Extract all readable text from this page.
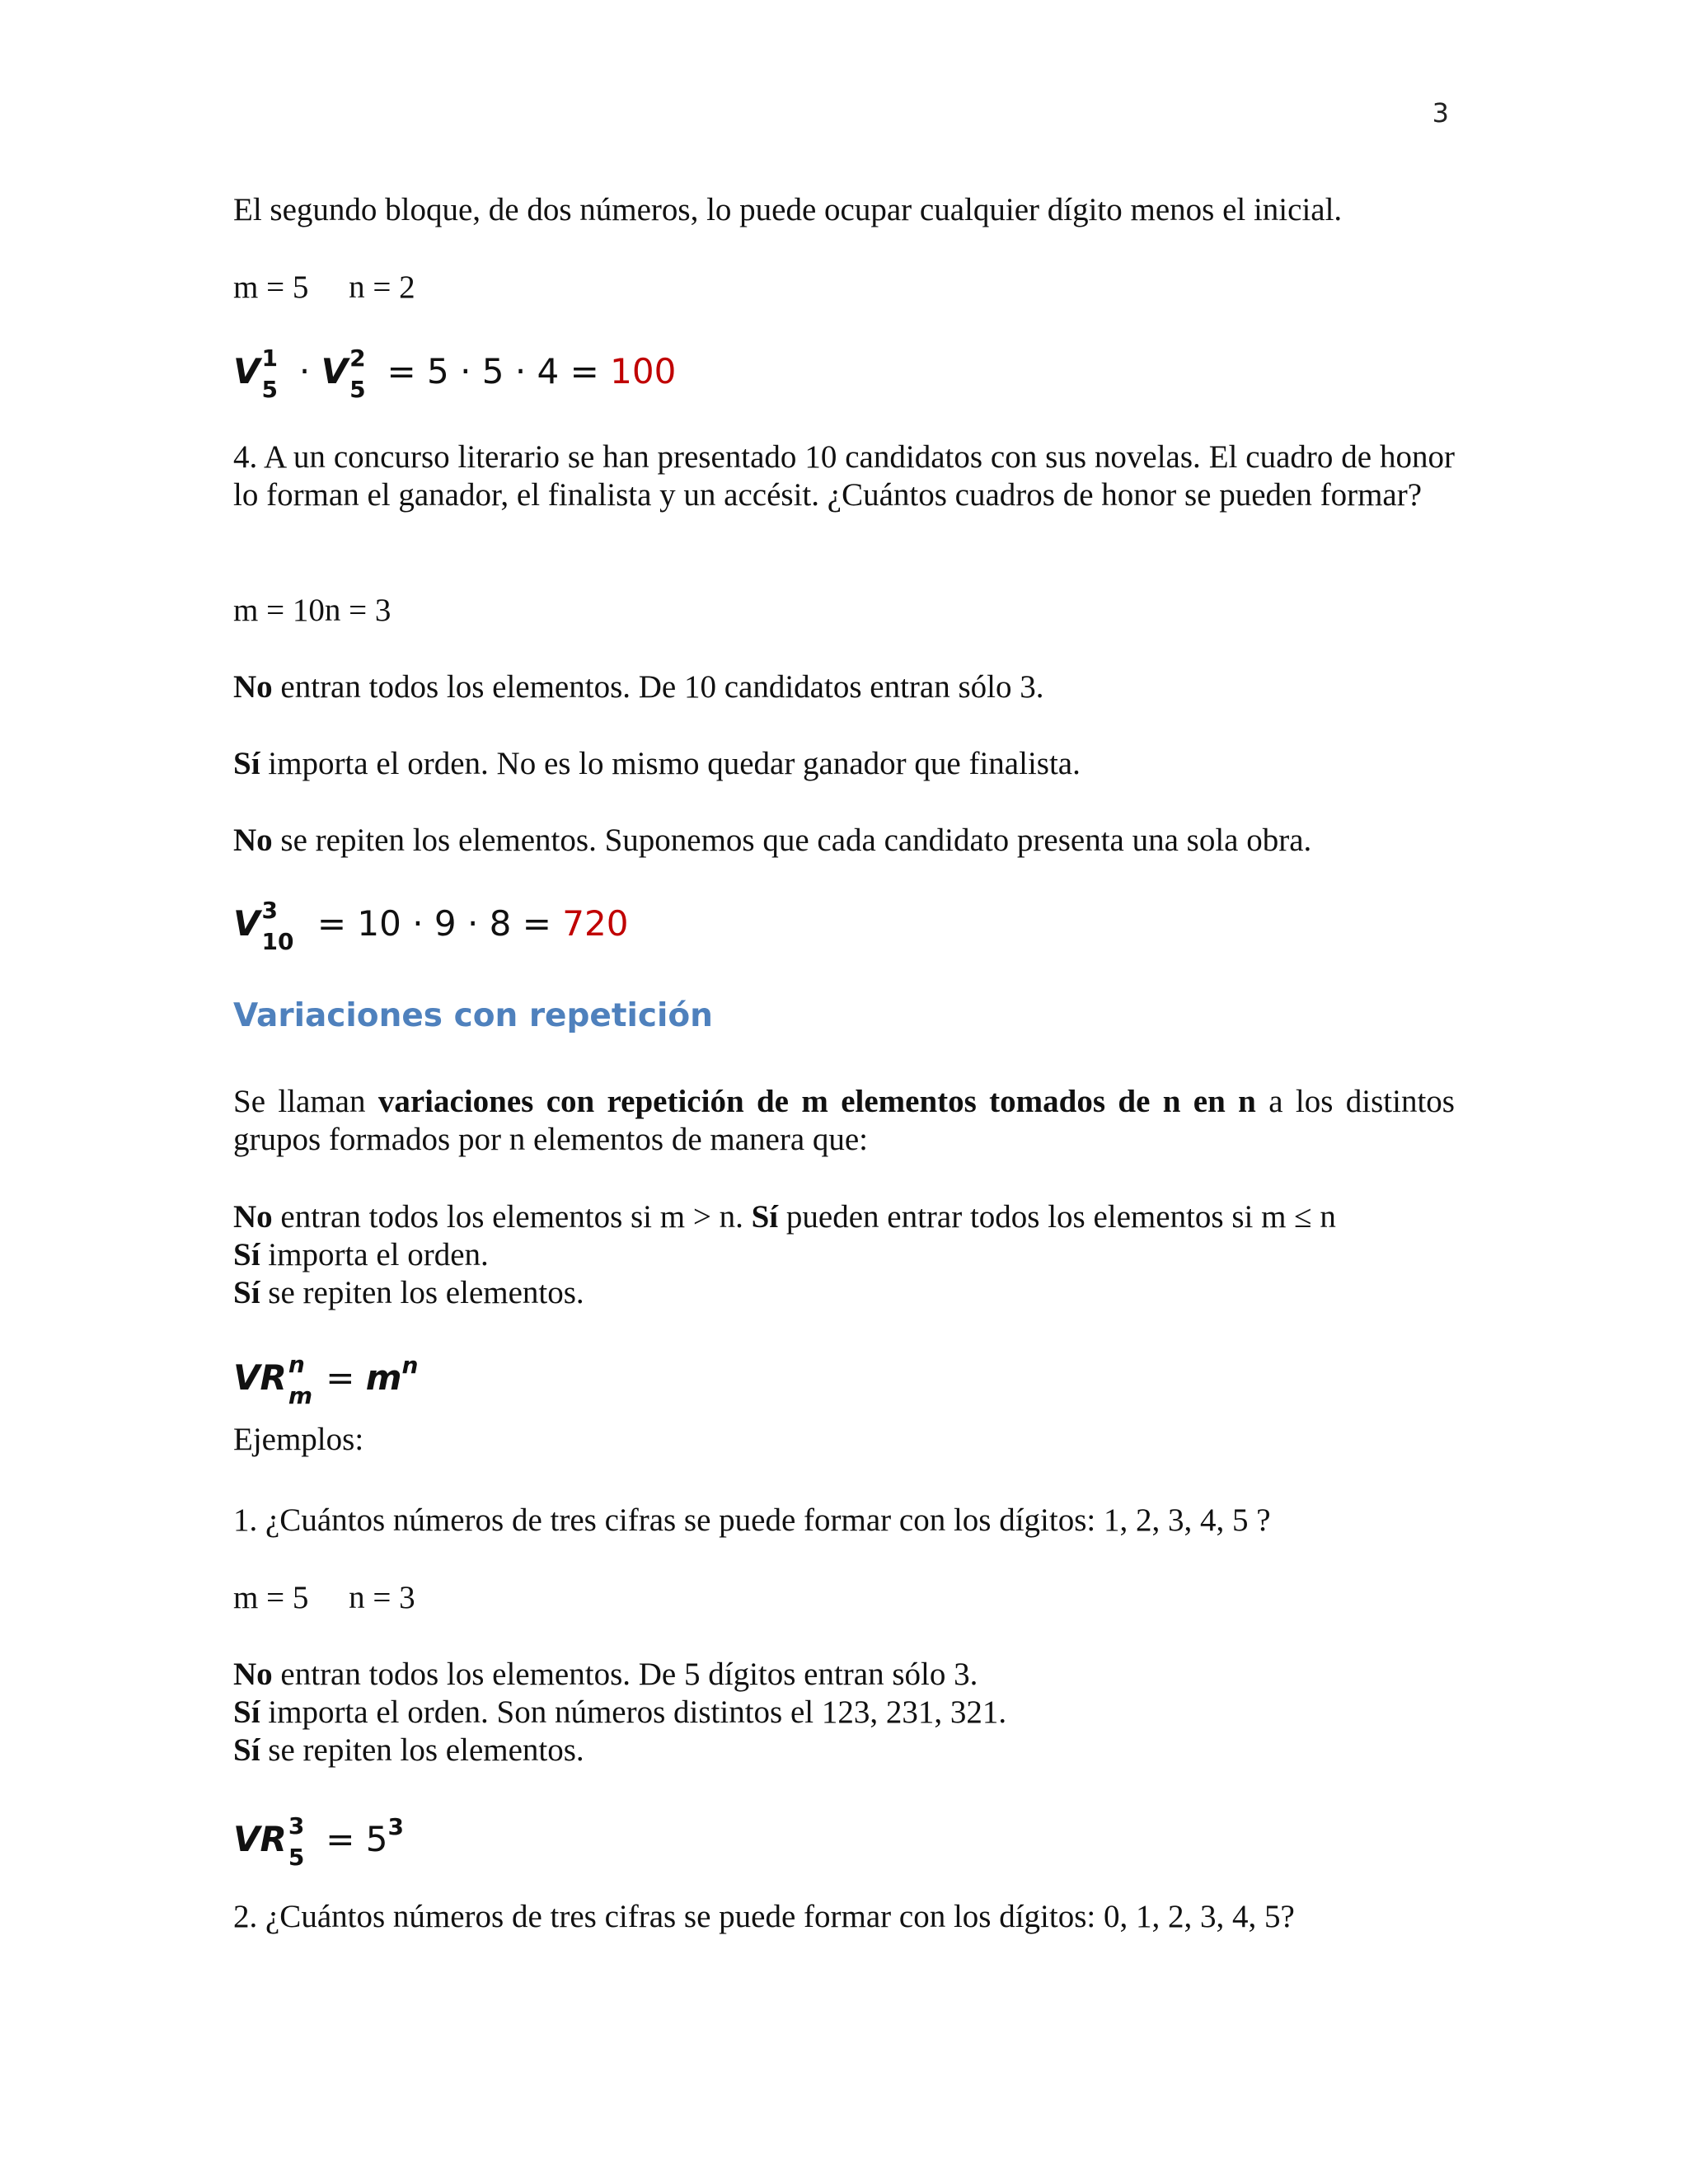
3
El segundo bloque, de dos números, lo puede ocupar cualquier dígito menos el inicial.
m = 5     n = 2
V 1
5 · V 2
5 = 5 · 5 · 4 = 100
4. A un concurso literario se han presentado 10 candidatos con sus novelas. El cuadro de honor lo forman el ganador, el finalista y un accésit. ¿Cuántos cuadros de honor se pueden formar?
m = 10n = 3
No entran todos los elementos. De 10 candidatos entran sólo 3.
Sí importa el orden. No es lo mismo quedar ganador que finalista.
No se repiten los elementos. Suponemos que cada candidato presenta una sola obra.
V 3
10 = 10 · 9 · 8 = 720
Variaciones con repetición
Se llaman variaciones con repetición de m elementos tomados de n en n a los distintos grupos formados por n elementos de manera que:
No entran todos los elementos si m > n. Sí pueden entrar todos los elementos si m ≤ n
Sí importa el orden.
Sí se repiten los elementos.
VR n
$m = m^n$
Ejemplos:
1. ¿Cuántos números de tres cifras se puede formar con los dígitos: 1, 2, 3, 4, 5 ?
m = 5     n = 3
No entran todos los elementos. De 5 dígitos entran sólo 3.
Sí importa el orden. Son números distintos el 123, 231, 321.
Sí se repiten los elementos.
VR 3
$5 = 5^3$
2. ¿Cuántos números de tres cifras se puede formar con los dígitos: 0, 1, 2, 3, 4, 5?
